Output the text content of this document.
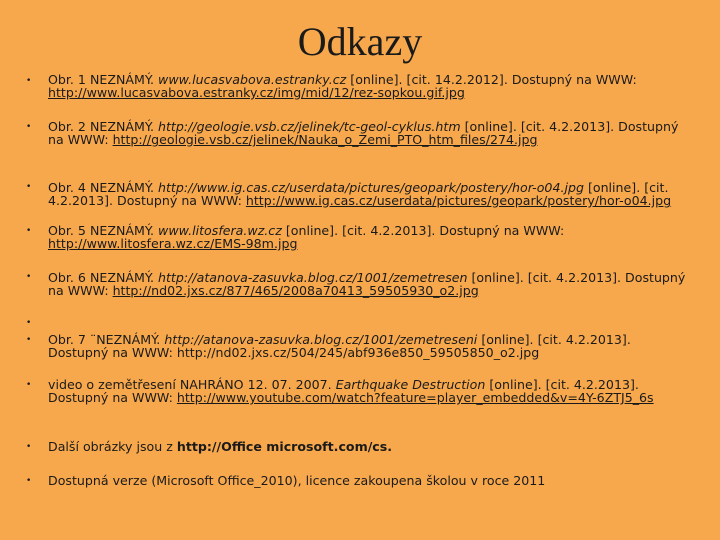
Odkazy
•
•
•
•
•
•
•
•
•
•
Obr. 1 NEZNÁMÝ. www.lucasvabova.estranky.cz [online]. [cit. 14.2.2012]. Dostupný na WWW: http://www.lucasvabova.estranky.cz/img/mid/12/rez-sopkou.gif.jpg
Obr. 2 NEZNÁMÝ. http://geologie.vsb.cz/jelinek/tc-geol-cyklus.htm [online]. [cit. 4.2.2013]. Dostupný na WWW: http://geologie.vsb.cz/jelinek/Nauka_o_Zemi_PTO_htm_files/274.jpg
Obr. 4 NEZNÁMÝ. http://www.ig.cas.cz/userdata/pictures/geopark/postery/hor-o04.jpg [online]. [cit. 4.2.2013]. Dostupný na WWW: http://www.ig.cas.cz/userdata/pictures/geopark/postery/hor-o04.jpg
Obr. 5 NEZNÁMÝ. www.litosfera.wz.cz [online]. [cit. 4.2.2013]. Dostupný na WWW: http://www.litosfera.wz.cz/EMS-98m.jpg
Obr. 6 NEZNÁMÝ. http://atanova-zasuvka.blog.cz/1001/zemetresen [online]. [cit. 4.2.2013]. Dostupný na WWW: http://nd02.jxs.cz/877/465/2008a70413_59505930_o2.jpg
Obr. 7 ¨NEZNÁMÝ. http://atanova-zasuvka.blog.cz/1001/zemetreseni [online]. [cit. 4.2.2013]. Dostupný na WWW: http://nd02.jxs.cz/504/245/abf936e850_59505850_o2.jpg
video o zemětřesení NAHRÁNO 12. 07. 2007. Earthquake Destruction [online]. [cit. 4.2.2013]. Dostupný na WWW: http://www.youtube.com/watch?feature=player_embedded&v=4Y-6ZTJ5_6s
Další obrázky jsou z http://Office microsoft.com/cs.
Dostupná verze (Microsoft Office_2010), licence zakoupena školou v roce 2011
